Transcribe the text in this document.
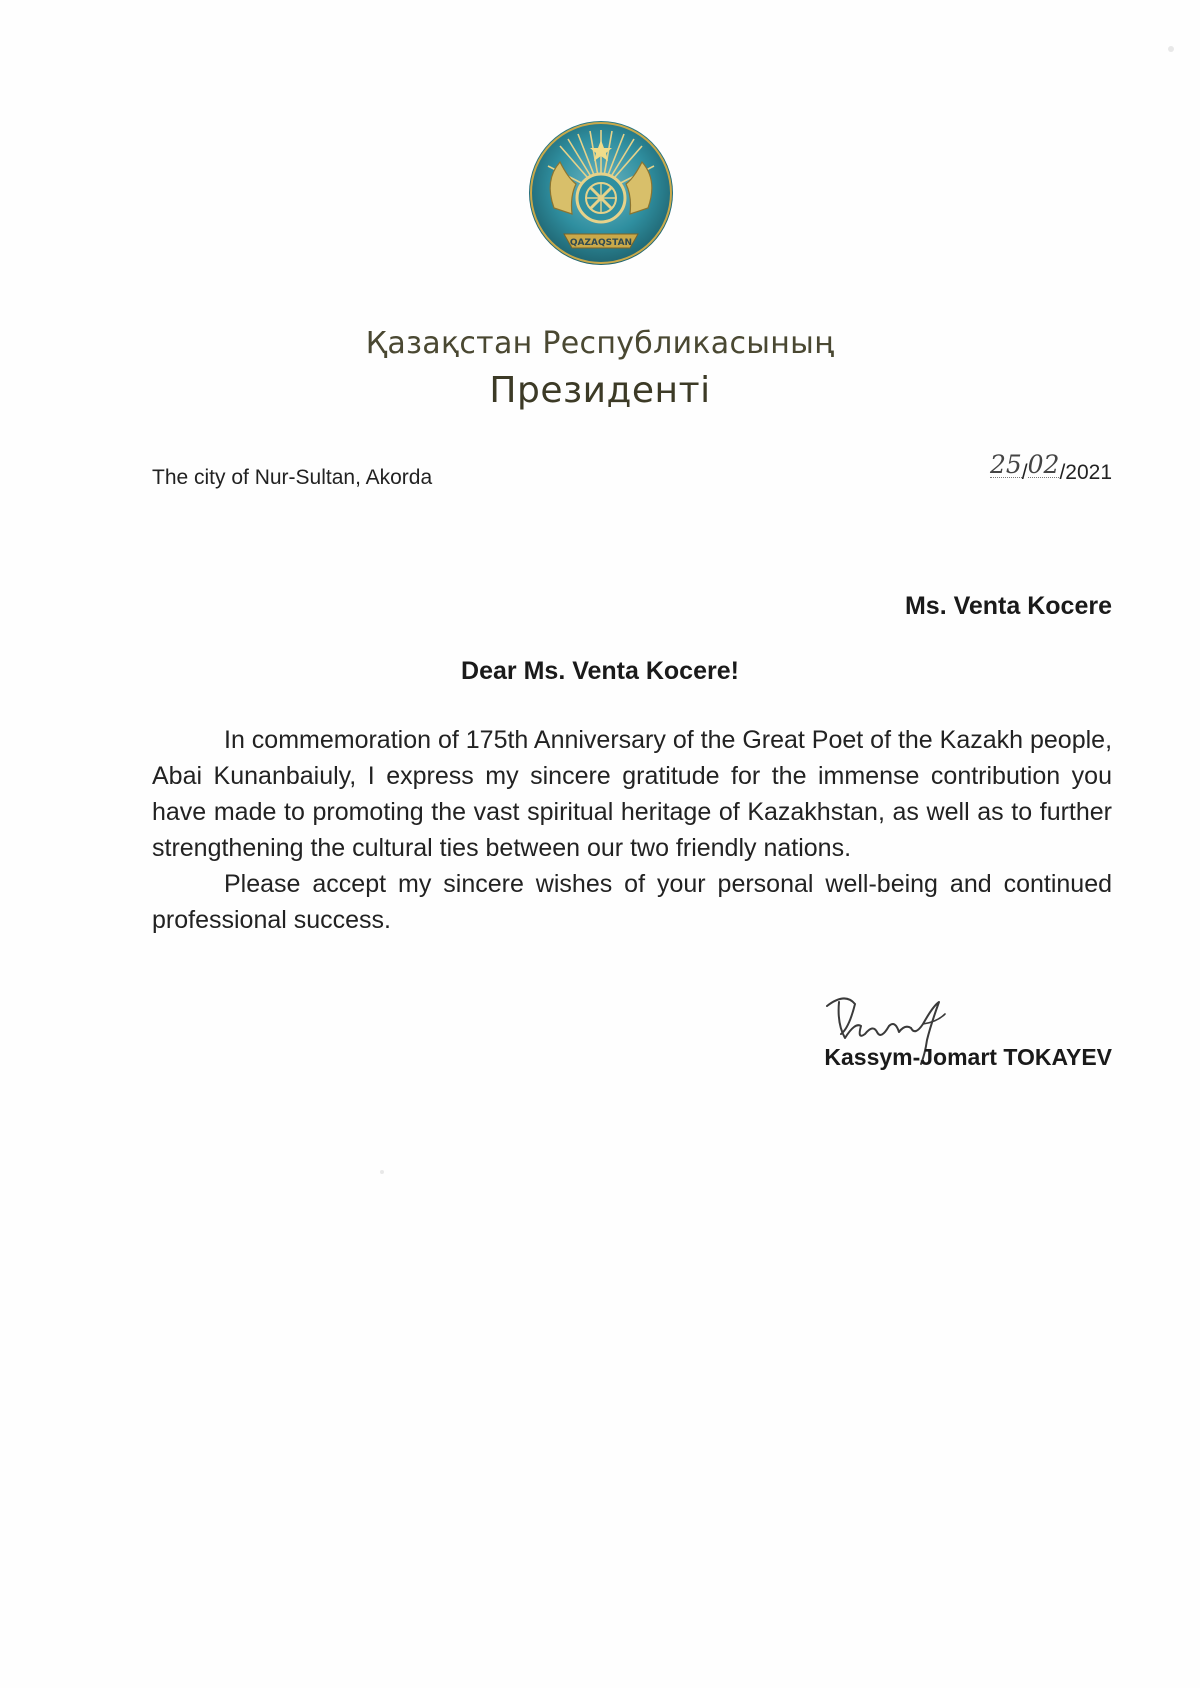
QAZAQSTAN
Қазақстан Республикасының
Президенті
The city of Nur-Sultan, Akorda	25/02/2021
Ms. Venta Kocere
Dear Ms. Venta Kocere!

In commemoration of 175th Anniversary of the Great Poet of the Kazakh people, Abai Kunanbaiuly, I express my sincere gratitude for the immense contribution you have made to promoting the vast spiritual heritage of Kazakhstan, as well as to further strengthening the cultural ties between our two friendly nations.

Please accept my sincere wishes of your personal well-being and continued professional success.

Kassym-Jomart TOKAYEV
